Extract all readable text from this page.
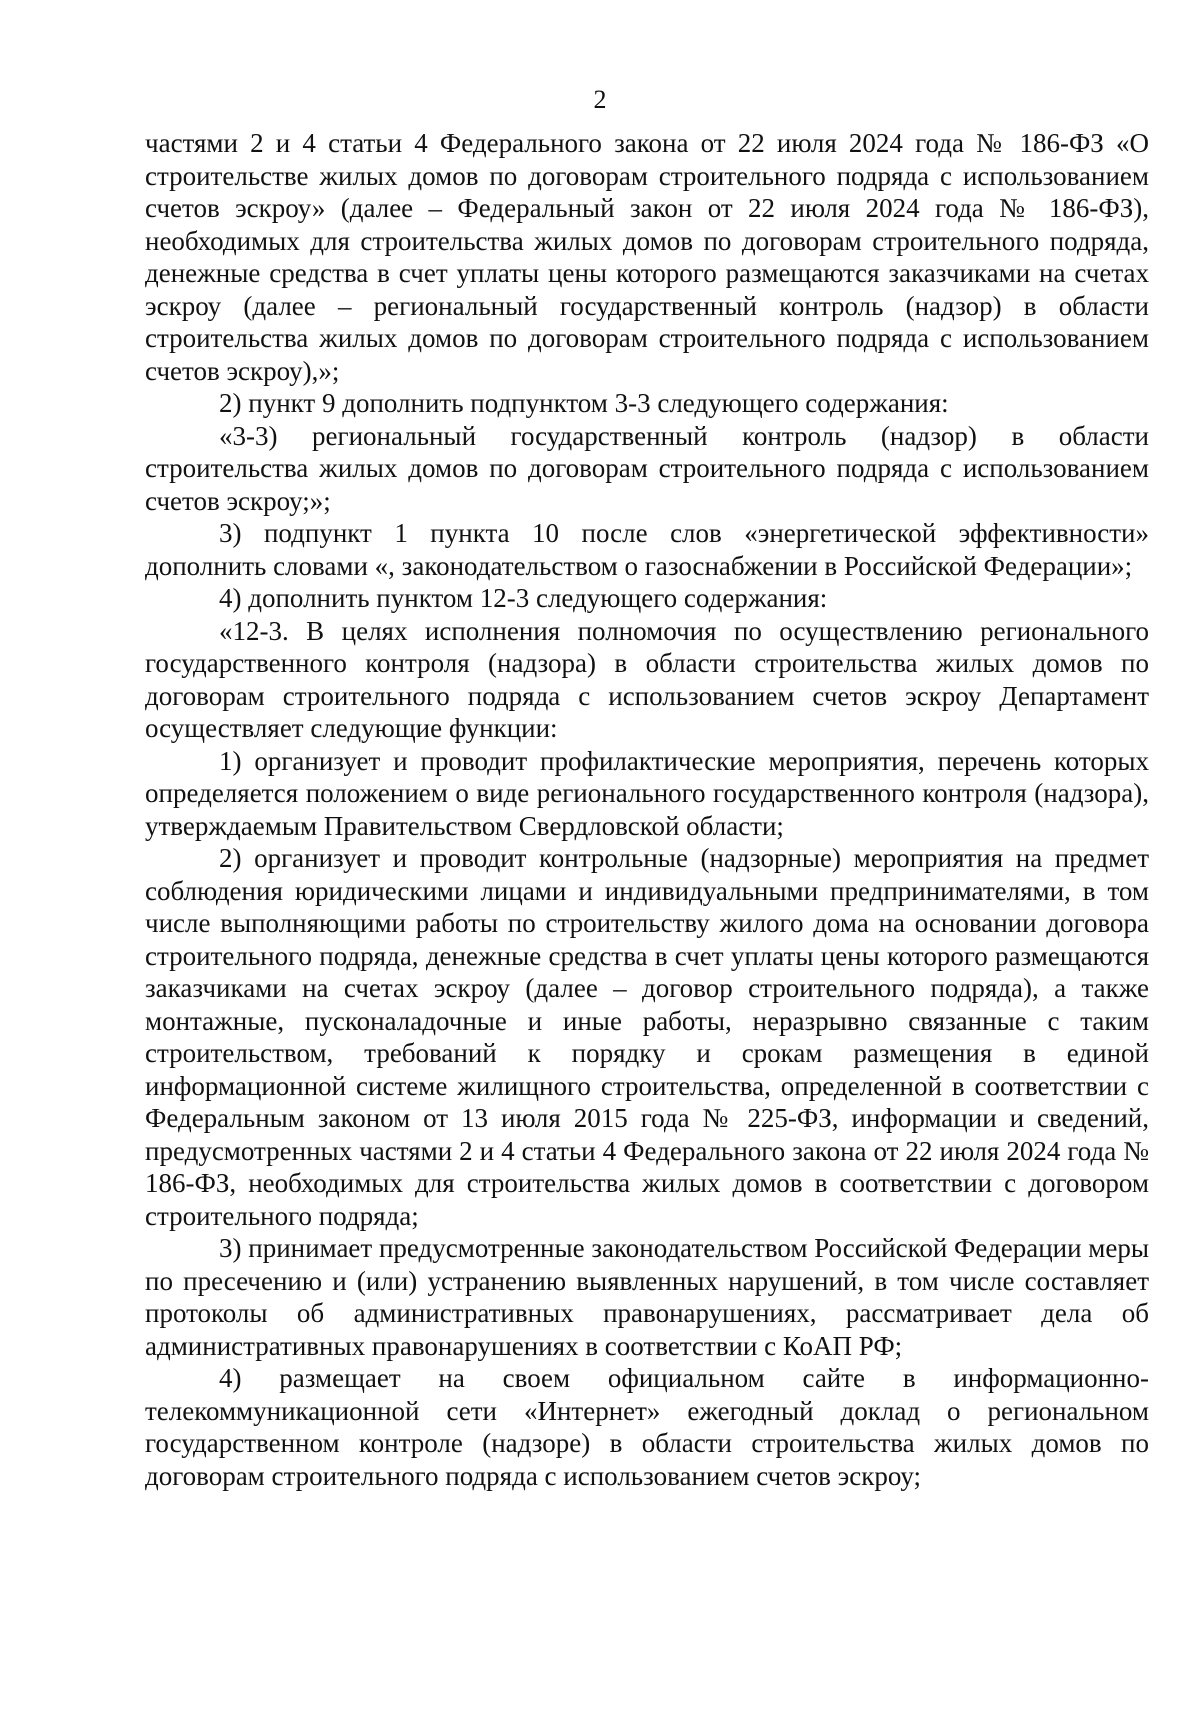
2

частями 2 и 4 статьи 4 Федерального закона от 22 июля 2024 года № 186-ФЗ «О строительстве жилых домов по договорам строительного подряда с использованием счетов эскроу» (далее – Федеральный закон от 22 июля 2024 года № 186-ФЗ), необходимых для строительства жилых домов по договорам строительного подряда, денежные средства в счет уплаты цены которого размещаются заказчиками на счетах эскроу (далее – региональный государственный контроль (надзор) в области строительства жилых домов по договорам строительного подряда с использованием счетов эскроу),»;

2) пункт 9 дополнить подпунктом 3-3 следующего содержания:

«3-3) региональный государственный контроль (надзор) в области строительства жилых домов по договорам строительного подряда с использованием счетов эскроу;»;

3) подпункт 1 пункта 10 после слов «энергетической эффективности» дополнить словами «, законодательством о газоснабжении в Российской Федерации»;

4) дополнить пунктом 12-3 следующего содержания:

«12-3. В целях исполнения полномочия по осуществлению регионального государственного контроля (надзора) в области строительства жилых домов по договорам строительного подряда с использованием счетов эскроу Департамент осуществляет следующие функции:

1) организует и проводит профилактические мероприятия, перечень которых определяется положением о виде регионального государственного контроля (надзора), утверждаемым Правительством Свердловской области;

2) организует и проводит контрольные (надзорные) мероприятия на предмет соблюдения юридическими лицами и индивидуальными предпринимателями, в том числе выполняющими работы по строительству жилого дома на основании договора строительного подряда, денежные средства в счет уплаты цены которого размещаются заказчиками на счетах эскроу (далее – договор строительного подряда), а также монтажные, пусконаладочные и иные работы, неразрывно связанные с таким строительством, требований к порядку и срокам размещения в единой информационной системе жилищного строительства, определенной в соответствии с Федеральным законом от 13 июля 2015 года № 225-ФЗ, информации и сведений, предусмотренных частями 2 и 4 статьи 4 Федерального закона от 22 июля 2024 года № 186-ФЗ, необходимых для строительства жилых домов в соответствии с договором строительного подряда;

3) принимает предусмотренные законодательством Российской Федерации меры по пресечению и (или) устранению выявленных нарушений, в том числе составляет протоколы об административных правонарушениях, рассматривает дела об административных правонарушениях в соответствии с КоАП РФ;

4) размещает на своем официальном сайте в информационно-телекоммуникационной сети «Интернет» ежегодный доклад о региональном государственном контроле (надзоре) в области строительства жилых домов по договорам строительного подряда с использованием счетов эскроу;
